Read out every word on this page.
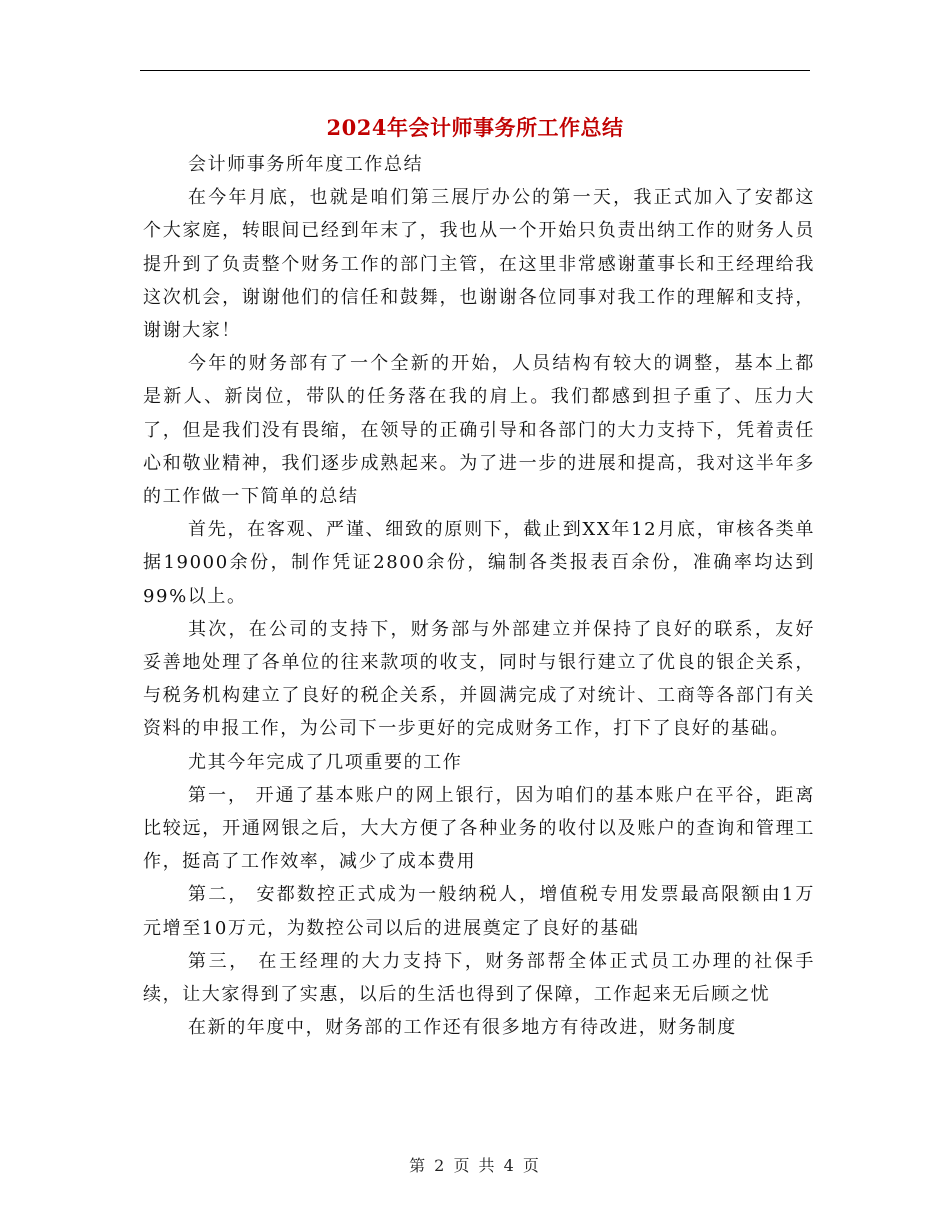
2024年会计师事务所工作总结

会计师事务所年度工作总结

在今年月底，也就是咱们第三展厅办公的第一天，我正式加入了安都这个大家庭，转眼间已经到年末了，我也从一个开始只负责出纳工作的财务人员提升到了负责整个财务工作的部门主管，在这里非常感谢董事长和王经理给我这次机会，谢谢他们的信任和鼓舞，也谢谢各位同事对我工作的理解和支持，谢谢大家！

今年的财务部有了一个全新的开始，人员结构有较大的调整，基本上都是新人、新岗位，带队的任务落在我的肩上。我们都感到担子重了、压力大了，但是我们没有畏缩，在领导的正确引导和各部门的大力支持下，凭着责任心和敬业精神，我们逐步成熟起来。为了进一步的进展和提高，我对这半年多的工作做一下简单的总结

首先，在客观、严谨、细致的原则下，截止到XX年12月底，审核各类单据19000余份，制作凭证2800余份，编制各类报表百余份，准确率均达到99%以上。

其次，在公司的支持下，财务部与外部建立并保持了良好的联系，友好妥善地处理了各单位的往来款项的收支，同时与银行建立了优良的银企关系，与税务机构建立了良好的税企关系，并圆满完成了对统计、工商等各部门有关资料的申报工作，为公司下一步更好的完成财务工作，打下了良好的基础。

尤其今年完成了几项重要的工作

第一， 开通了基本账户的网上银行，因为咱们的基本账户在平谷，距离比较远，开通网银之后，大大方便了各种业务的收付以及账户的查询和管理工作，挺高了工作效率，减少了成本费用

第二， 安都数控正式成为一般纳税人，增值税专用发票最高限额由1万元增至10万元，为数控公司以后的进展奠定了良好的基础

第三， 在王经理的大力支持下，财务部帮全体正式员工办理的社保手续，让大家得到了实惠，以后的生活也得到了保障，工作起来无后顾之忧

在新的年度中，财务部的工作还有很多地方有待改进，财务制度

第 2 页 共 4 页
